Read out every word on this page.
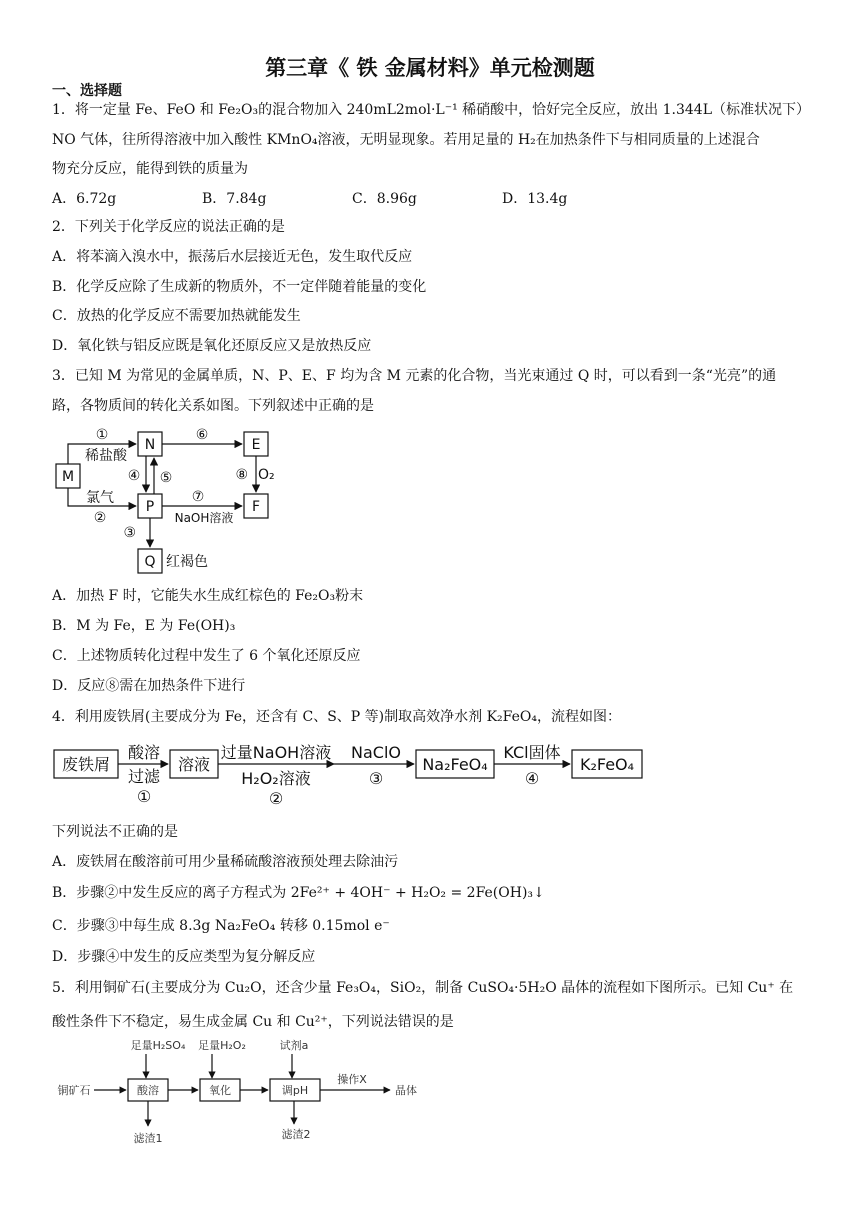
第三章《 铁 金属材料》单元检测题
一、选择题
1．将一定量 Fe、FeO 和 Fe₂O₃的混合物加入 240mL2mol·L⁻¹ 稀硝酸中，恰好完全反应，放出 1.344L（标准状况下）
NO 气体，往所得溶液中加入酸性 KMnO₄溶液，无明显现象。若用足量的 H₂在加热条件下与相同质量的上述混合
物充分反应，能得到铁的质量为
A．6.72g	B．7.84g	C．8.96g	D．13.4g
2．下列关于化学反应的说法正确的是
A．将苯滴入溴水中，振荡后水层接近无色，发生取代反应
B．化学反应除了生成新的物质外，不一定伴随着能量的变化
C．放热的化学反应不需要加热就能发生
D．氧化铁与铝反应既是氧化还原反应又是放热反应
3．已知 M 为常见的金属单质，N、P、E、F 均为含 M 元素的化合物，当光束通过 Q 时，可以看到一条“光亮”的通
路，各物质间的转化关系如图。下列叙述中正确的是
M
N
P
E
F
Q
①
稀盐酸
氯气
②
④ ⑤
⑥
⑦
NaOH溶液
⑧ O₂
③
红褐色
A．加热 F 时，它能失水生成红棕色的 Fe₂O₃粉末
B．M 为 Fe，E 为 Fe(OH)₃
C．上述物质转化过程中发生了 6 个氧化还原反应
D．反应⑧需在加热条件下进行
4．利用废铁屑(主要成分为 Fe，还含有 C、S、P 等)制取高效净水剂 K₂FeO₄，流程如图：
废铁屑	溶液	Na₂FeO₄	K₂FeO₄
酸溶
过滤
①
过量NaOH溶液
H₂O₂溶液
②
NaClO
③
KCl固体
④
下列说法不正确的是
A．废铁屑在酸溶前可用少量稀硫酸溶液预处理去除油污
B．步骤②中发生反应的离子方程式为 2Fe²⁺ + 4OH⁻ + H₂O₂ = 2Fe(OH)₃↓
C．步骤③中每生成 8.3g Na₂FeO₄ 转移 0.15mol e⁻
D．步骤④中发生的反应类型为复分解反应
5．利用铜矿石(主要成分为 Cu₂O，还含少量 Fe₃O₄，SiO₂，制备 CuSO₄·5H₂O 晶体的流程如下图所示。已知 Cu⁺ 在
酸性条件下不稳定，易生成金属 Cu 和 Cu²⁺，下列说法错误的是
足量H₂SO₄ 足量H₂O₂	试剂a
铜矿石	酸溶	氧化	调pH
操作X
晶体
滤渣1	滤渣2
